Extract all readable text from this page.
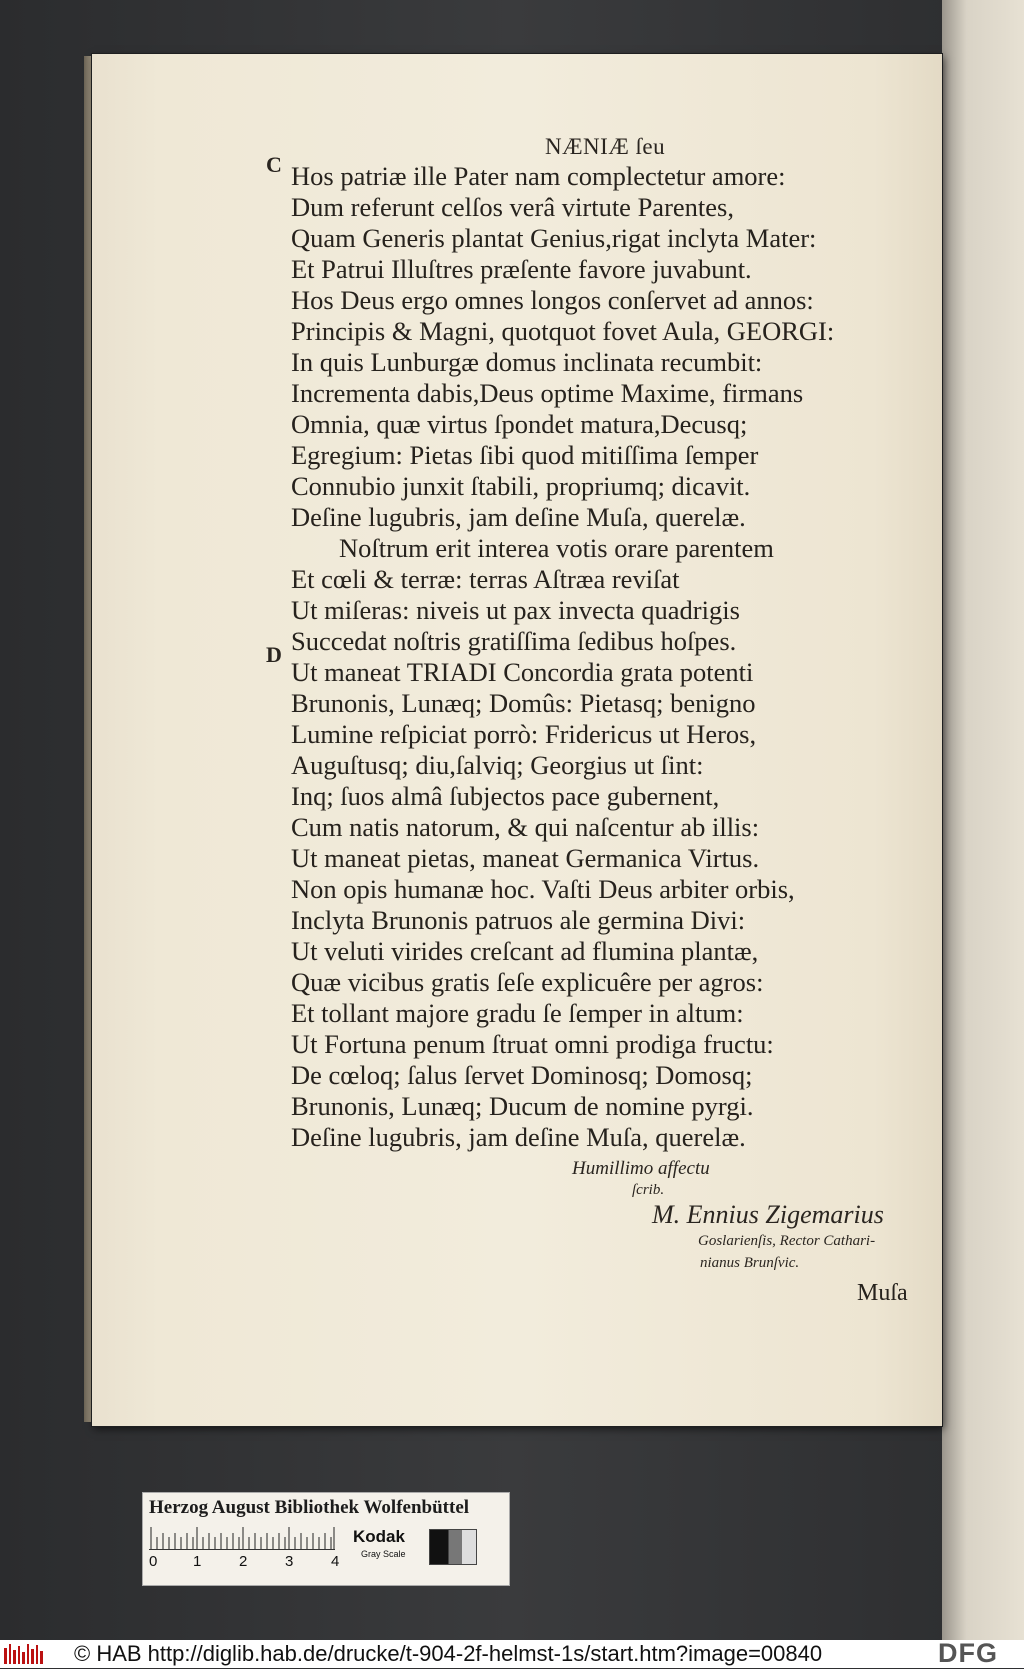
NÆNIÆ ſeu
C
D
Hos patriæ ille Pater nam complectetur amore:
Dum referunt celſos verâ virtute Parentes,
Quam Generis plantat Genius,rigat inclyta Mater:
Et Patrui Illuſtres præſente favore juvabunt.
Hos Deus ergo omnes longos conſervet ad annos:
Principis & Magni, quotquot fovet Aula, GEORGI:
In quis Lunburgæ domus inclinata recumbit:
Incrementa dabis,Deus optime Maxime, firmans
Omnia, quæ virtus ſpondet matura,Decusq;
Egregium: Pietas ſibi quod mitiſſima ſemper
Connubio junxit ſtabili, propriumq; dicavit.
Deſine lugubris, jam deſine Muſa, querelæ.
Noſtrum erit interea votis orare parentem
Et cœli & terræ: terras Aſtræa reviſat
Ut miſeras: niveis ut pax invecta quadrigis
Succedat noſtris gratiſſima ſedibus hoſpes.
Ut maneat TRIADI Concordia grata potenti
Brunonis, Lunæq; Domûs: Pietasq; benigno
Lumine reſpiciat porrò: Fridericus ut Heros,
Auguſtusq; diu,ſalviq; Georgius ut ſint:
Inq; ſuos almâ ſubjectos pace gubernent,
Cum natis natorum, & qui naſcentur ab illis:
Ut maneat pietas, maneat Germanica Virtus.
Non opis humanæ hoc. Vaſti Deus arbiter orbis,
Inclyta Brunonis patruos ale germina Divi:
Ut veluti virides creſcant ad flumina plantæ,
Quæ vicibus gratis ſeſe explicuêre per agros:
Et tollant majore gradu ſe ſemper in altum:
Ut Fortuna penum ſtruat omni prodiga fructu:
De cœloq; ſalus ſervet Dominosq; Domosq;
Brunonis, Lunæq; Ducum de nomine pyrgi.
Deſine lugubris, jam deſine Muſa, querelæ.
Humillimo affectu
ſcrib.
M. Ennius Zigemarius
Goslarienſis, Rector Cathari-
nianus Brunſvic.
Muſa
Herzog August Bibliothek Wolfenbüttel
0 1	2	3	4
Kodak
Gray Scale
© HAB http://diglib.hab.de/drucke/t-904-2f-helmst-1s/start.htm?image=00840	DFG
